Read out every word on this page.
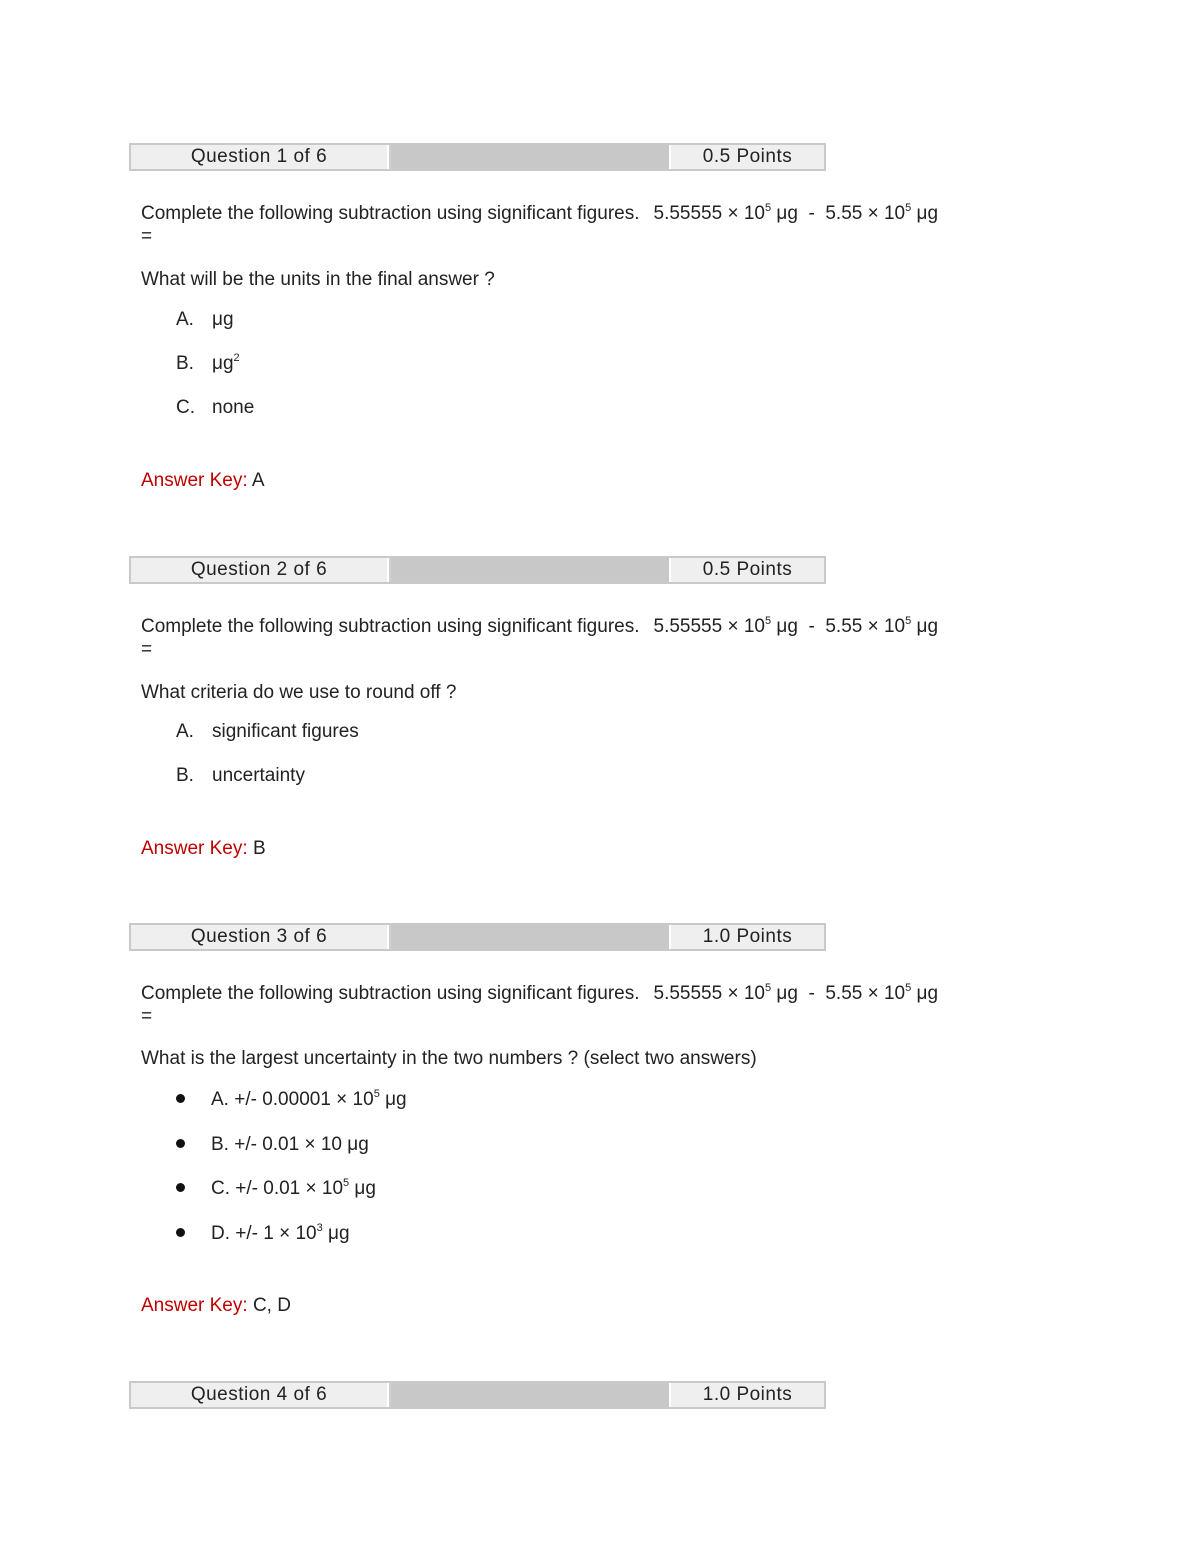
Question 1 of 6	0.5 Points
Complete the following subtraction using significant figures. $5.55555 \times 10^5$ $\mu g - 5.55 \times 10^5$ μg
=
What will be the units in the final answer ?
A. μg
B. $\mu g^2$
C. none
Answer Key: A
Question 2 of 6	0.5 Points
Complete the following subtraction using significant figures. $5.55555 \times 10^5$ $\mu g - 5.55 \times 10^5$ μg
=
What criteria do we use to round off ?
A. significant figures
B. uncertainty
Answer Key: B
Question 3 of 6	1.0 Points
Complete the following subtraction using significant figures. $5.55555 \times 10^5$ $\mu g - 5.55 \times 10^5$ μg
=
What is the largest uncertainty in the two numbers ? (select two answers)
A. +/- $0.00001 \times 10^5$ μg
B. +/- 0.01 × 10 μg
C. +/- $0.01 \times 10^5$ μg
D. +/- $1 \times 10^3$ μg
Answer Key: C, D
Question 4 of 6	1.0 Points
